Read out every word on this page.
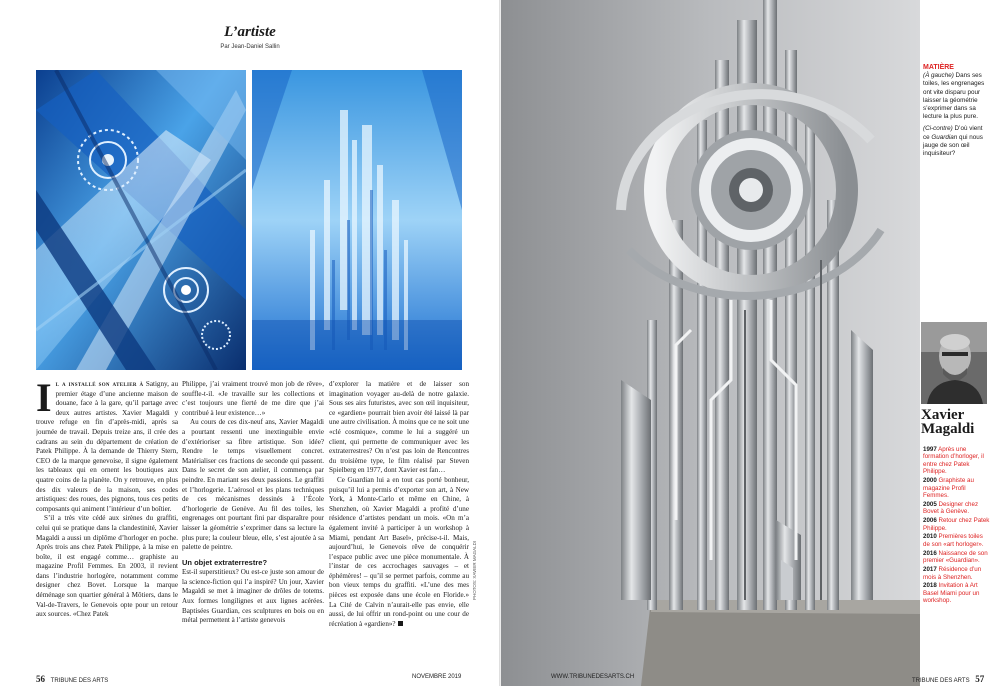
L’artiste
Par Jean-Daniel Sallin

Il a installé son atelier à Satigny, au premier étage d’une ancienne maison de douane, face à la gare, qu’il partage avec deux autres artistes. Xavier Magaldi y trouve refuge en fin d’après-midi, après sa journée de travail. Depuis treize ans, il crée des cadrans au sein du département de création de Patek Philippe. À la demande de Thierry Stern, CEO de la marque genevoise, il signe également les tableaux qui en ornent les boutiques aux quatre coins de la planète. On y retrouve, en plus des dix valeurs de la maison, ses codes artistiques: des roues, des pignons, tous ces petits composants qui animent l’intérieur d’un boîtier.

S’il a très vite cédé aux sirènes du graffiti, celui qui se pratique dans la clandestinité, Xavier Magaldi a aussi un diplôme d’horloger en poche. Après trois ans chez Patek Philippe, à la mise en boîte, il est engagé comme… graphiste au magazine Profil Femmes. En 2003, il revient dans l’industrie horlogère, notamment comme designer chez Bovet. Lorsque la marque déménage son quartier général à Môtiers, dans le Val-de-Travers, le Genevois opte pour un retour aux sources. «Chez Patek

Philippe, j’ai vraiment trouvé mon job de rêve», souffle-t-il. «Je travaille sur les collections et c’est toujours une fierté de me dire que j’ai contribué à leur existence…»

Au cours de ces dix-neuf ans, Xavier Magaldi a pourtant ressenti une inextinguible envie d’extérioriser sa fibre artistique. Son idée? Rendre le temps visuellement concret. Matérialiser ces fractions de seconde qui passent. Dans le secret de son atelier, il commença par peindre. En mariant ses deux passions. Le graffiti et l’horlogerie. L’aérosol et les plans techniques de ces mécanismes dessinés à l’École d’horlogerie de Genève. Au fil des toiles, les engrenages ont pourtant fini par disparaître pour laisser la géométrie s’exprimer dans sa lecture la plus pure; la couleur bleue, elle, s’est ajoutée à sa palette de peintre.

Un objet extraterrestre?

Est-il superstitieux? Ou est-ce juste son amour de la science-fiction qui l’a inspiré? Un jour, Xavier Magaldi se met à imaginer de drôles de totems. Aux formes longilignes et aux lignes acérées. Baptisées Guardian, ces sculptures en bois ou en métal permettent à l’artiste genevois

d’explorer la matière et de laisser son imagination voyager au-delà de notre galaxie. Sous ses airs futuristes, avec son œil inquisiteur, ce «gardien» pourrait bien avoir été laissé là par une autre civilisation. À moins que ce ne soit une «clé cosmique», comme le lui a suggéré un client, qui permette de communiquer avec les extraterrestres? On n’est pas loin de Rencontres du troisième type, le film réalisé par Steven Spielberg en 1977, dont Xavier est fan…

Ce Guardian lui a en tout cas porté bonheur, puisqu’il lui a permis d’exporter son art, à New York, à Monte-Carlo et même en Chine, à Shenzhen, où Xavier Magaldi a profité d’une résidence d’artistes pendant un mois. «On m’a également invité à participer à un workshop à Miami, pendant Art Basel», précise-t-il. Mais, aujourd’hui, le Genevois rêve de conquérir l’espace public avec une pièce monumentale. À l’instar de ces accrochages sauvages – et éphémères! – qu’il se permet parfois, comme au bon vieux temps du graffiti. «L’une des mes pièces est exposée dans une école en Floride.» La Cité de Calvin n’aurait-elle pas envie, elle aussi, de lui offrir un rond-point ou une cour de récréation à «gardien»?

56 TRIBUNE DES ARTS
NOVEMBRE 2019
PHOTOS: XAVIER MAGALDI
MATIÈRE

(À gauche) Dans ses toiles, les engrenages ont vite disparu pour laisser la géométrie s’exprimer dans sa lecture la plus pure.

(Ci-contre) D’où vient ce Guardian qui nous jauge de son œil inquisiteur?

Xavier
Magaldi
1997 Après une formation d’horloger, il entre chez Patek Philippe.
2000 Graphiste au magazine Profil Femmes.
2005 Designer chez Bovet à Genève.
2006 Retour chez Patek Philippe.
2010 Premières toiles de son «art horloger».
2016 Naissance de son premier «Guardian».
2017 Résidence d’un mois à Shenzhen.
2018 Invitation à Art Basel Miami pour un workshop.
WWW.TRIBUNEDESARTS.CH
TRIBUNE DES ARTS 57
